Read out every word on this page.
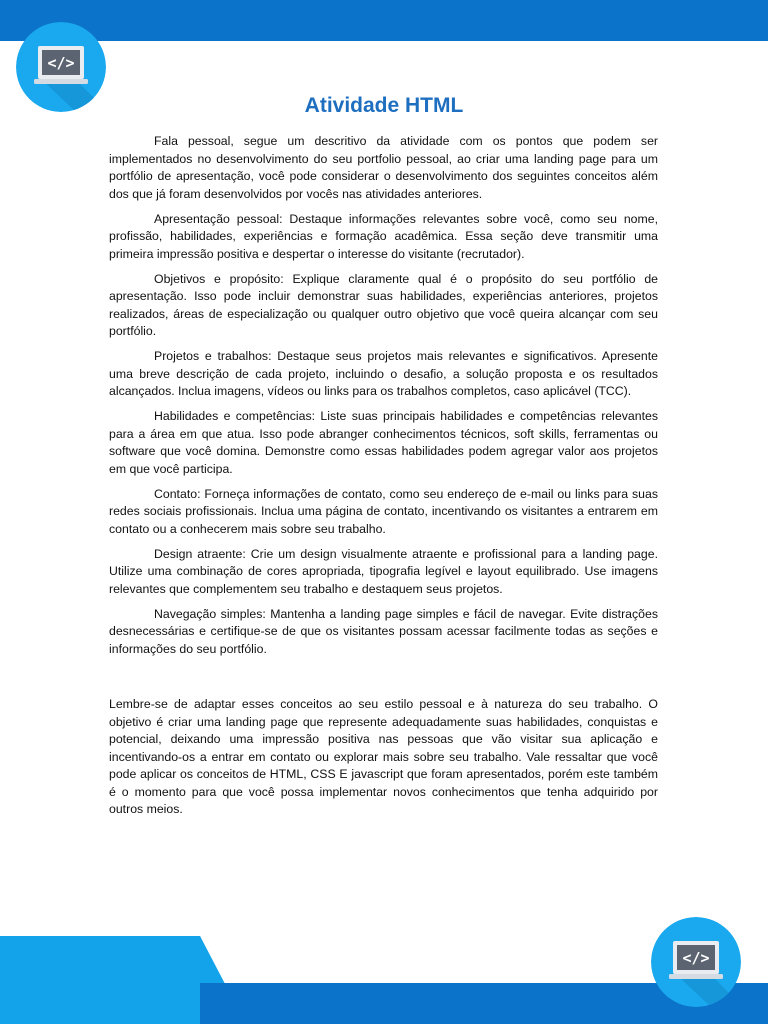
</>
</>
Atividade HTML

Fala pessoal, segue um descritivo da atividade com os pontos que podem ser implementados no desenvolvimento do seu portfolio pessoal, ao criar uma landing page para um portfólio de apresentação, você pode considerar o desenvolvimento dos seguintes conceitos além dos que já foram desenvolvidos por vocês nas atividades anteriores.

Apresentação pessoal: Destaque informações relevantes sobre você, como seu nome, profissão, habilidades, experiências e formação acadêmica. Essa seção deve transmitir uma primeira impressão positiva e despertar o interesse do visitante (recrutador).

Objetivos e propósito: Explique claramente qual é o propósito do seu portfólio de apresentação. Isso pode incluir demonstrar suas habilidades, experiências anteriores, projetos realizados, áreas de especialização ou qualquer outro objetivo que você queira alcançar com seu portfólio.

Projetos e trabalhos: Destaque seus projetos mais relevantes e significativos. Apresente uma breve descrição de cada projeto, incluindo o desafio, a solução proposta e os resultados alcançados. Inclua imagens, vídeos ou links para os trabalhos completos, caso aplicável (TCC).

Habilidades e competências: Liste suas principais habilidades e competências relevantes para a área em que atua. Isso pode abranger conhecimentos técnicos, soft skills, ferramentas ou software que você domina. Demonstre como essas habilidades podem agregar valor aos projetos em que você participa.

Contato: Forneça informações de contato, como seu endereço de e-mail ou links para suas redes sociais profissionais. Inclua uma página de contato, incentivando os visitantes a entrarem em contato ou a conhecerem mais sobre seu trabalho.

Design atraente: Crie um design visualmente atraente e profissional para a landing page. Utilize uma combinação de cores apropriada, tipografia legível e layout equilibrado. Use imagens relevantes que complementem seu trabalho e destaquem seus projetos.

Navegação simples: Mantenha a landing page simples e fácil de navegar. Evite distrações desnecessárias e certifique-se de que os visitantes possam acessar facilmente todas as seções e informações do seu portfólio.

Lembre-se de adaptar esses conceitos ao seu estilo pessoal e à natureza do seu trabalho. O objetivo é criar uma landing page que represente adequadamente suas habilidades, conquistas e potencial, deixando uma impressão positiva nas pessoas que vão visitar sua aplicação e incentivando-os a entrar em contato ou explorar mais sobre seu trabalho. Vale ressaltar que você pode aplicar os conceitos de HTML, CSS E javascript que foram apresentados, porém este também é o momento para que você possa implementar novos conhecimentos que tenha adquirido por outros meios.
